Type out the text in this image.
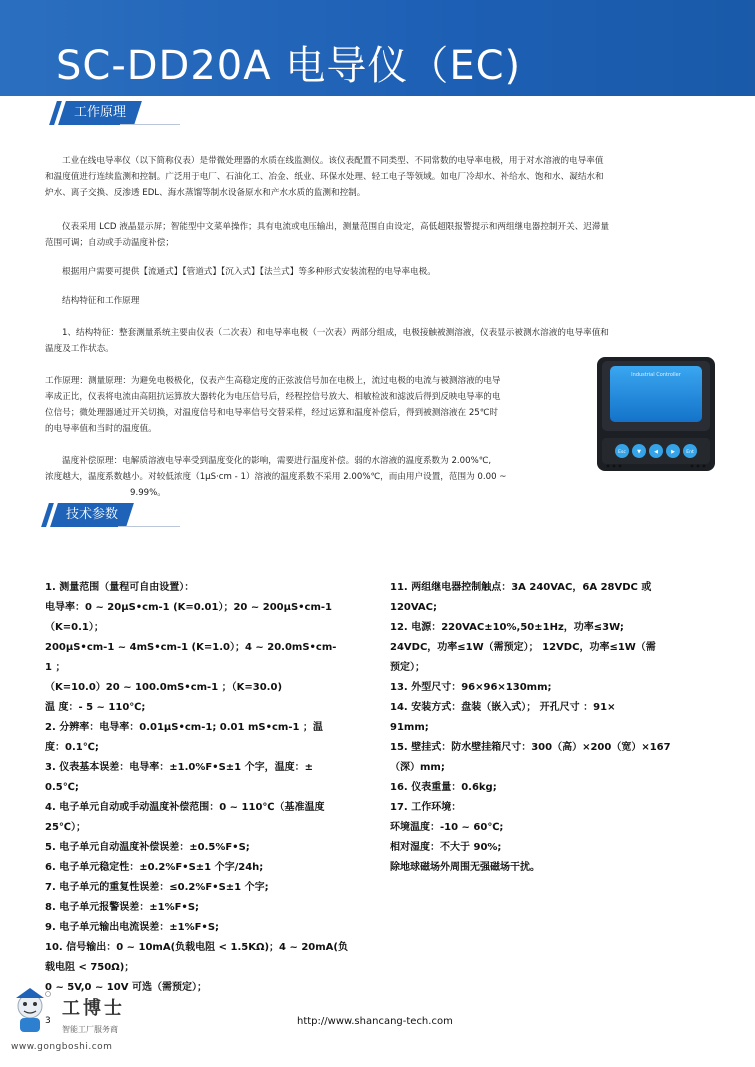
SC-DD20A 电导仪（EC)
工作原理
工业在线电导率仪（以下简称仪表）是带微处理器的水质在线监测仪。该仪表配置不同类型、不同常数的电导率电极，用于对水溶液的电导率值
和温度值进行连续监测和控制。广泛用于电厂、石油化工、冶金、纸业、环保水处理、轻工电子等领域。如电厂冷却水、补给水、饱和水、凝结水和
炉水、离子交换、反渗透 EDL、海水蒸馏等制水设备原水和产水水质的监测和控制。
仪表采用 LCD 液晶显示屏；智能型中文菜单操作；具有电流或电压输出，测量范围自由设定，高低超限报警提示和两组继电器控制开关、迟滞量
范围可调；自动或手动温度补偿；
根据用户需要可提供【流通式】【管道式】【沉入式】【法兰式】等多种形式安装流程的电导率电极。
结构特征和工作原理
1、结构特征：整套测量系统主要由仪表（二次表）和电导率电极（一次表）两部分组成，电极接触被测溶液，仪表显示被测水溶液的电导率值和
温度及工作状态。
工作原理：测量原理：为避免电极极化，仪表产生高稳定度的正弦波信号加在电极上，流过电极的电流与被测溶液的电导
率成正比，仪表将电流由高阻抗运算放大器转化为电压信号后，经程控信号放大、相敏检波和滤波后得到反映电导率的电
位信号；微处理器通过开关切换，对温度信号和电导率信号交替采样，经过运算和温度补偿后，得到被测溶液在 25℃时
的电导率值和当时的温度值。
温度补偿原理：电解质溶液电导率受到温度变化的影响，需要进行温度补偿。弱的水溶液的温度系数为 2.00%℃,
浓度越大，温度系数越小。对较低浓度（1μS·cm - 1）溶液的温度系数不采用 2.00%℃，而由用户设置，范围为 0.00 ~
9.99%。
Industrial Controller
Esc ▼	◀	▶	Ent
技术参数
1. 测量范围（量程可自由设置）：
电导率：0 ~ 20μS•cm-1 (K=0.01）；20 ~ 200μS•cm-1
（K=0.1）；
200μS•cm-1 ~ 4mS•cm-1 (K=1.0）；4 ~ 20.0mS•cm-
1 ；
（K=10.0）20 ~ 100.0mS•cm-1 ；（K=30.0)
温 度：- 5 ~ 110℃;
2. 分辨率：电导率：0.01μS•cm-1; 0.01 mS•cm-1 ；温
度：0.1℃;
3. 仪表基本误差：电导率：±1.0%F•S±1 个字，温度：±
0.5℃;
4. 电子单元自动或手动温度补偿范围：0 ~ 110℃（基准温度
25℃）；
5. 电子单元自动温度补偿误差：±0.5%F•S;
6. 电子单元稳定性：±0.2%F•S±1 个字/24h;
7. 电子单元的重复性误差：≤0.2%F•S±1 个字;
8. 电子单元报警误差：±1%F•S;
9. 电子单元输出电流误差：±1%F•S;
10. 信号输出：0 ~ 10mA(负载电阻 < 1.5KΩ)；4 ~ 20mA(负
载电阻 < 750Ω)；
0 ~ 5V,0 ~ 10V 可选（需预定）；
11. 两组继电器控制触点：3A 240VAC，6A 28VDC 或
120VAC;
12. 电源：220VAC±10%,50±1Hz，功率≤3W;
24VDC，功率≤1W（需预定）； 12VDC，功率≤1W（需
预定）；
13. 外型尺寸：96×96×130mm;
14. 安装方式：盘装（嵌入式）； 开孔尺寸 ：91×
91mm;
15. 壁挂式：防水壁挂箱尺寸：300（高）×200（宽）×167
（深）mm;
16. 仪表重量：0.6kg;
17. 工作环境：
环境温度：-10 ~ 60℃;
相对湿度：不大于 90%;
除地球磁场外周围无强磁场干扰。
工博士
智能工厂服务商
www.gongboshi.com
3	http://www.shancang-tech.com
